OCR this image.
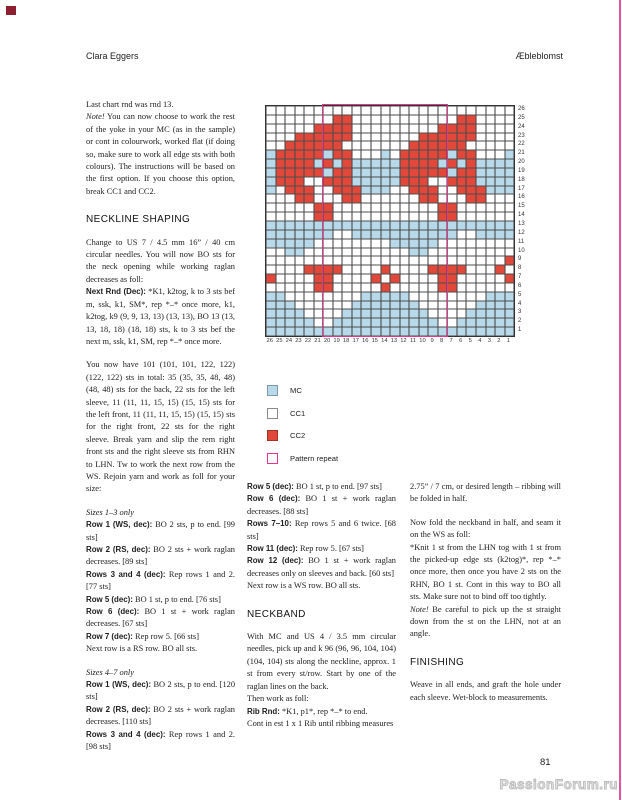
Clara Eggers	Æbleblomst
Last chart rnd was rnd 13.
Note! You can now choose to work the rest of the yoke in your MC (as in the sample) or cont in colourwork, worked flat (if doing so, make sure to work all edge sts with both colours). The instructions will be based on the first option. If you choose this option, break CC1 and CC2.
NECKLINE SHAPING
Change to US 7 / 4.5 mm 16” / 40 cm circular needles. You will now BO sts for the neck opening while working raglan decreases as foll:
Next Rnd (Dec): *K1, k2tog, k to 3 sts bef m, ssk, k1, SM*, rep *–* once more, k1, k2tog, k9 (9, 9, 13, 13) (13, 13), BO 13 (13, 13, 18, 18) (18, 18) sts, k to 3 sts bef the next m, ssk, k1, SM, rep *–* once more.
You now have 101 (101, 101, 122, 122) (122, 122) sts in total: 35 (35, 35, 48, 48) (48, 48) sts for the back, 22 sts for the left sleeve, 11 (11, 11, 15, 15) (15, 15) sts for the left front, 11 (11, 11, 15, 15) (15, 15) sts for the right front, 22 sts for the right sleeve. Break yarn and slip the rem right front sts and the right sleeve sts from RHN to LHN. Tw to work the next row from the WS. Rejoin yarn and work as foll for your size:
Sizes 1–3 only
Row 1 (WS, dec): BO 2 sts, p to end. [99 sts]
Row 2 (RS, dec): BO 2 sts + work raglan decreases. [89 sts]
Rows 3 and 4 (dec): Rep rows 1 and 2. [77 sts]
Row 5 (dec): BO 1 st, p to end. [76 sts]
Row 6 (dec): BO 1 st + work raglan decreases. [67 sts]
Row 7 (dec): Rep row 5. [66 sts]
Next row is a RS row. BO all sts.
Sizes 4–7 only
Row 1 (WS, dec): BO 2 sts, p to end. [120 sts]
Row 2 (RS, dec): BO 2 sts + work raglan decreases. [110 sts]
Rows 3 and 4 (dec): Rep rows 1 and 2. [98 sts]
Row 5 (dec): BO 1 st, p to end. [97 sts]
Row 6 (dec): BO 1 st + work raglan decreases. [88 sts]
Rows 7–10: Rep rows 5 and 6 twice. [68 sts]
Row 11 (dec): Rep row 5. [67 sts]
Row 12 (dec): BO 1 st + work raglan decreases only on sleeves and back. [60 sts]
Next row is a WS row. BO all sts.
NECKBAND
With MC and US 4 / 3.5 mm circular needles, pick up and k 96 (96, 96, 104, 104) (104, 104) sts along the neckline, approx. 1 st from every st/row. Start by one of the raglan lines on the back.
Then work as foll:
Rib Rnd: *K1, p1*, rep *–* to end.
Cont in est 1 x 1 Rib until ribbing measures
2.75” / 7 cm, or desired length – ribbing will be folded in half.
Now fold the neckband in half, and seam it on the WS as foll:
*Knit 1 st from the LHN tog with 1 st from the picked-up edge sts (k2tog)*, rep *–* once more, then once you have 2 sts on the RHN, BO 1 st. Cont in this way to BO all sts. Make sure not to bind off too tightly.
Note! Be careful to pick up the st straight down from the st on the LHN, not at an angle.
FINISHING
Weave in all ends, and graft the hole under each sleeve. Wet-block to measurements.
26
25
24
23
22
21
20
19
18
17
16
15
14
13
12
11
10
9
8
7
6
5
4
3
2
1
26 25 24 23 22 21 20 19 18 17 16 15 14 13 12 11 10 9	8	7	6	5	4	3	2	1
MC
CC1
CC2
Pattern repeat
81
PassionForum.ru
